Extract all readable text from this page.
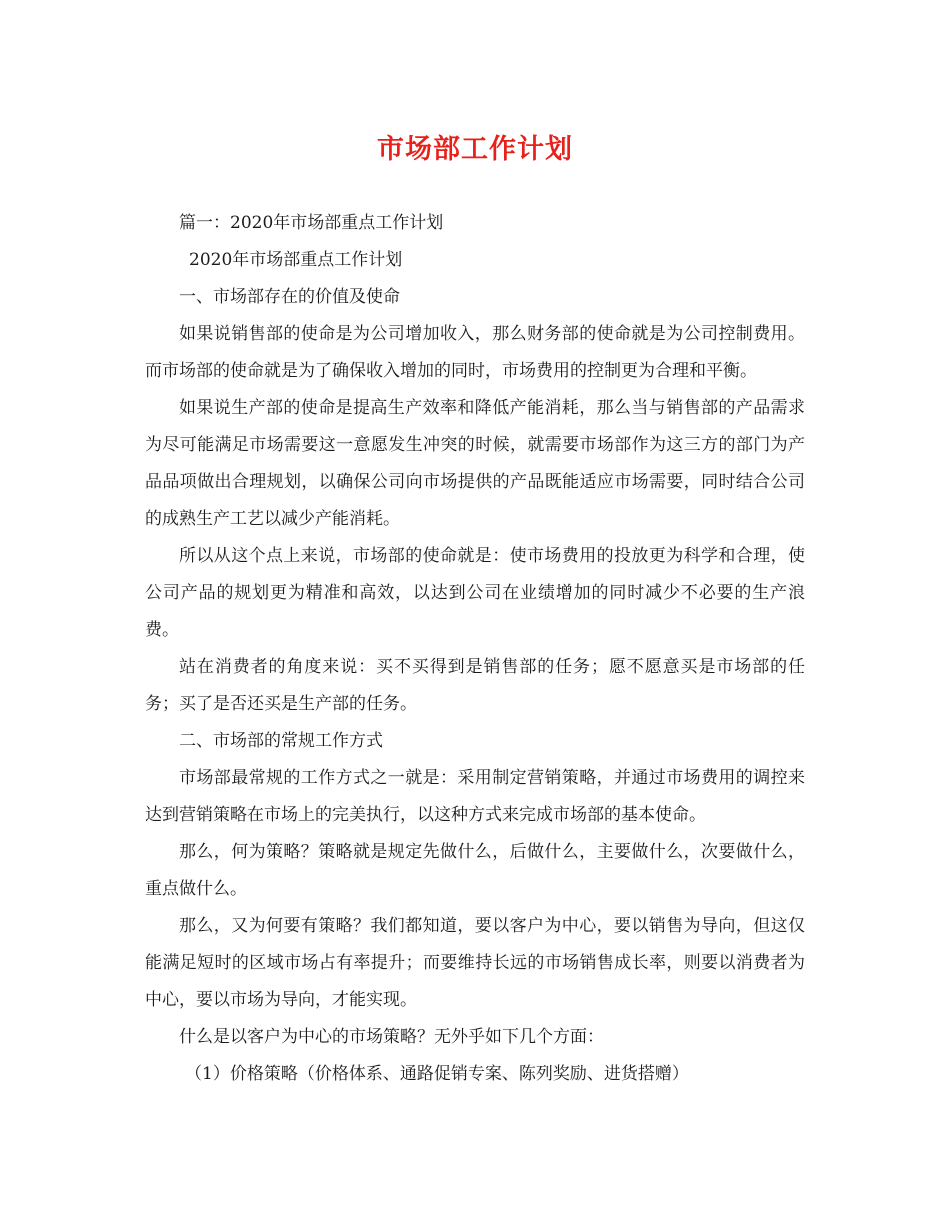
市场部工作计划

篇一：2020年市场部重点工作计划

2020年市场部重点工作计划

一、市场部存在的价值及使命

如果说销售部的使命是为公司增加收入，那么财务部的使命就是为公司控制费用。而市场部的使命就是为了确保收入增加的同时，市场费用的控制更为合理和平衡。

如果说生产部的使命是提高生产效率和降低产能消耗，那么当与销售部的产品需求为尽可能满足市场需要这一意愿发生冲突的时候，就需要市场部作为这三方的部门为产品品项做出合理规划，以确保公司向市场提供的产品既能适应市场需要，同时结合公司的成熟生产工艺以减少产能消耗。

所以从这个点上来说，市场部的使命就是：使市场费用的投放更为科学和合理，使公司产品的规划更为精准和高效，以达到公司在业绩增加的同时减少不必要的生产浪费。

站在消费者的角度来说：买不买得到是销售部的任务；愿不愿意买是市场部的任务；买了是否还买是生产部的任务。

二、市场部的常规工作方式

市场部最常规的工作方式之一就是：采用制定营销策略，并通过市场费用的调控来达到营销策略在市场上的完美执行，以这种方式来完成市场部的基本使命。

那么，何为策略？策略就是规定先做什么，后做什么，主要做什么，次要做什么，重点做什么。

那么，又为何要有策略？我们都知道，要以客户为中心，要以销售为导向，但这仅能满足短时的区域市场占有率提升；而要维持长远的市场销售成长率，则要以消费者为中心，要以市场为导向，才能实现。

什么是以客户为中心的市场策略？无外乎如下几个方面：

（1）价格策略（价格体系、通路促销专案、陈列奖励、进货搭赠）
